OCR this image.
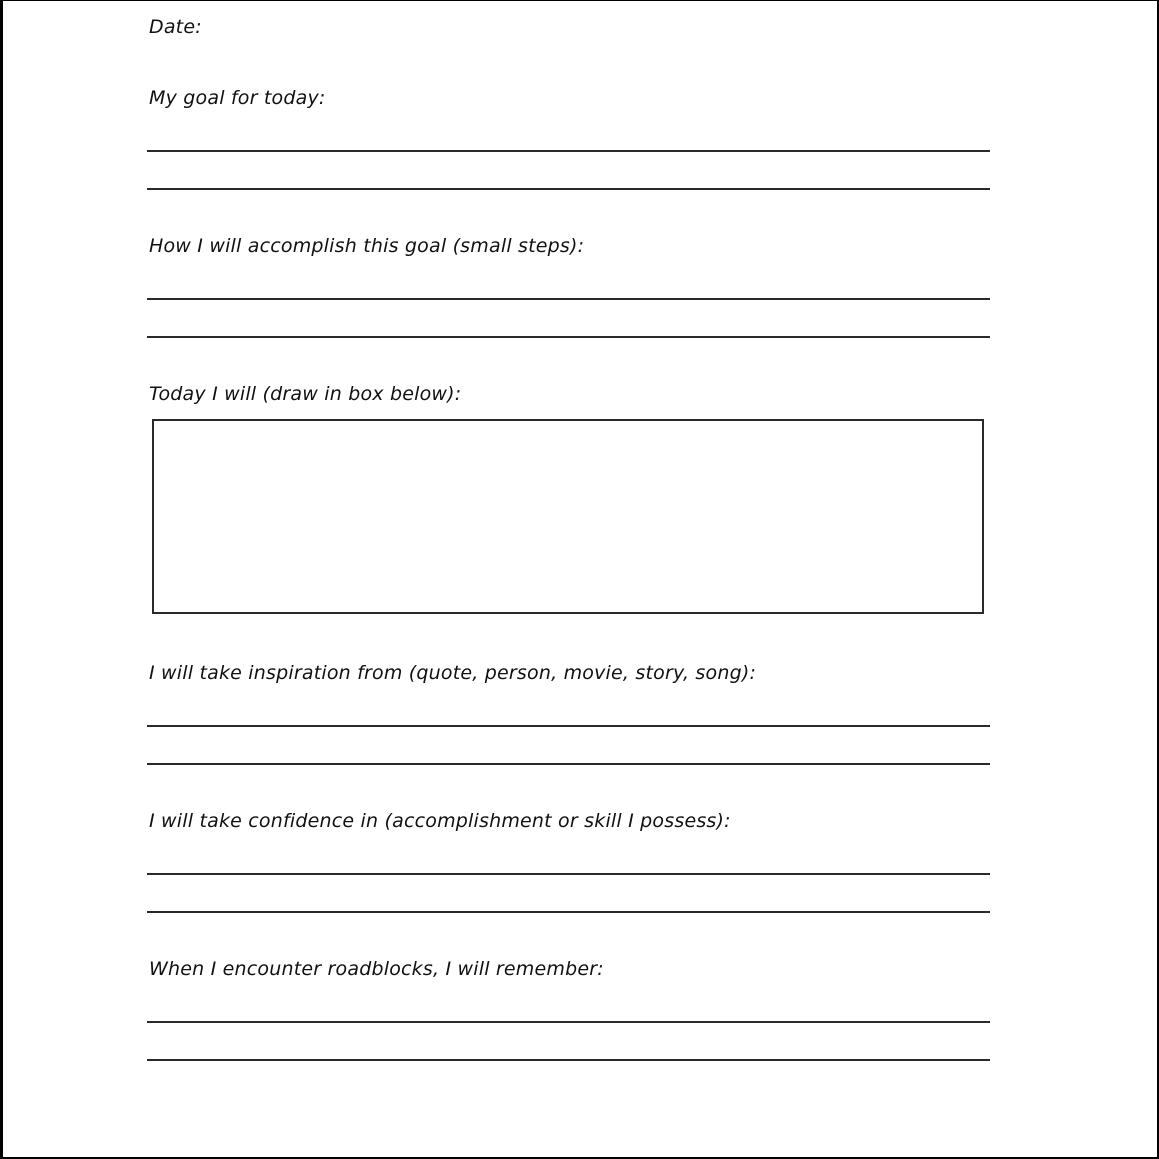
Date:
My goal for today:
How I will accomplish this goal (small steps):
Today I will (draw in box below):
I will take inspiration from (quote, person, movie, story, song):
I will take confidence in (accomplishment or skill I possess):
When I encounter roadblocks, I will remember:
